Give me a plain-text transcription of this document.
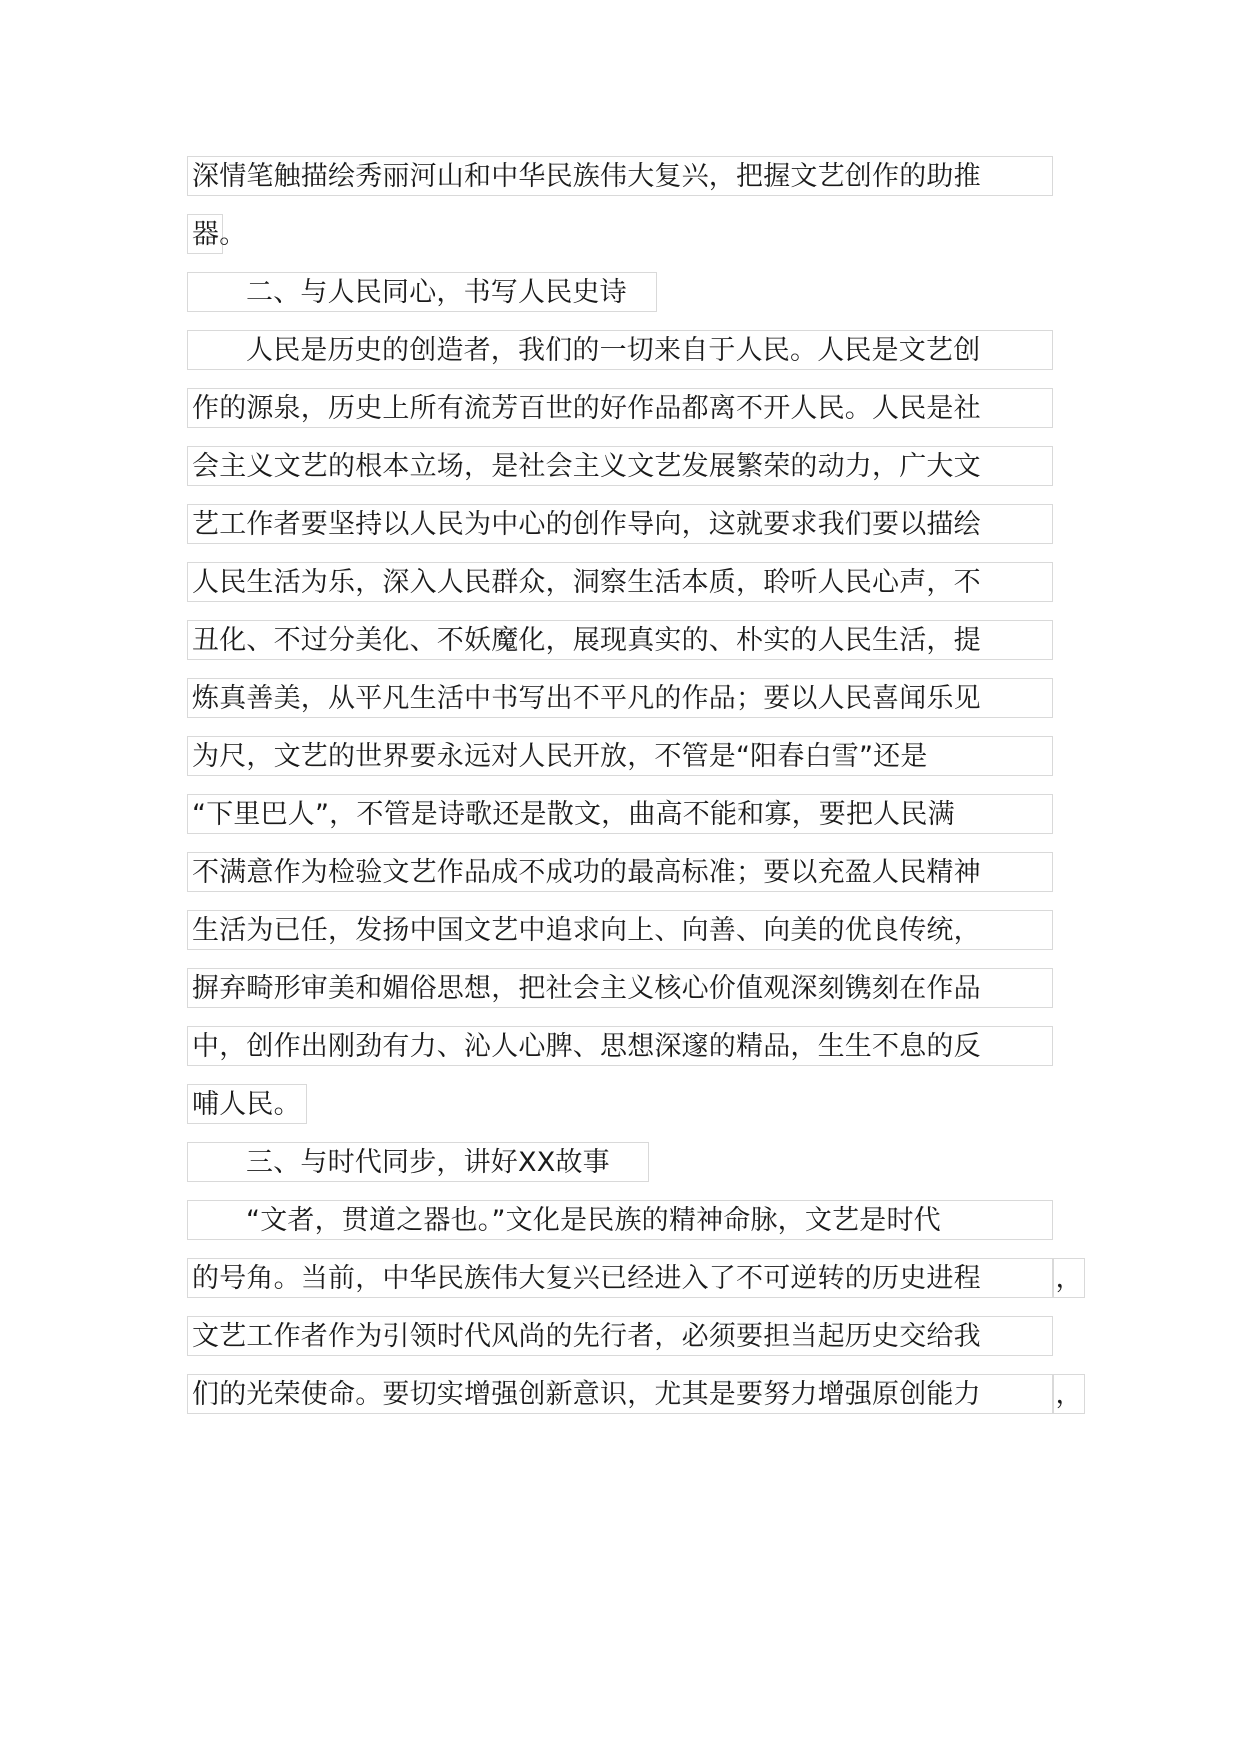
深情笔触描绘秀丽河山和中华民族伟大复兴，把握文艺创作的助推
器。
二、与人民同心，书写人民史诗
人民是历史的创造者，我们的一切来自于人民。人民是文艺创
作的源泉，历史上所有流芳百世的好作品都离不开人民。人民是社
会主义文艺的根本立场，是社会主义文艺发展繁荣的动力，广大文
艺工作者要坚持以人民为中心的创作导向，这就要求我们要以描绘
人民生活为乐，深入人民群众，洞察生活本质，聆听人民心声，不
丑化、不过分美化、不妖魔化，展现真实的、朴实的人民生活，提
炼真善美，从平凡生活中书写出不平凡的作品；要以人民喜闻乐见
为尺，文艺的世界要永远对人民开放，不管是“阳春白雪”还是
“下里巴人”，不管是诗歌还是散文，曲高不能和寡，要把人民满
不满意作为检验文艺作品成不成功的最高标准；要以充盈人民精神
生活为已任，发扬中国文艺中追求向上、向善、向美的优良传统，
摒弃畸形审美和媚俗思想，把社会主义核心价值观深刻镌刻在作品
中，创作出刚劲有力、沁人心脾、思想深邃的精品，生生不息的反
哺人民。
三、与时代同步，讲好XX故事
“文者，贯道之器也。”文化是民族的精神命脉，文艺是时代
的号角。当前，中华民族伟大复兴已经进入了不可逆转的历史进程	，
文艺工作者作为引领时代风尚的先行者，必须要担当起历史交给我
们的光荣使命。要切实增强创新意识，尤其是要努力增强原创能力	，
